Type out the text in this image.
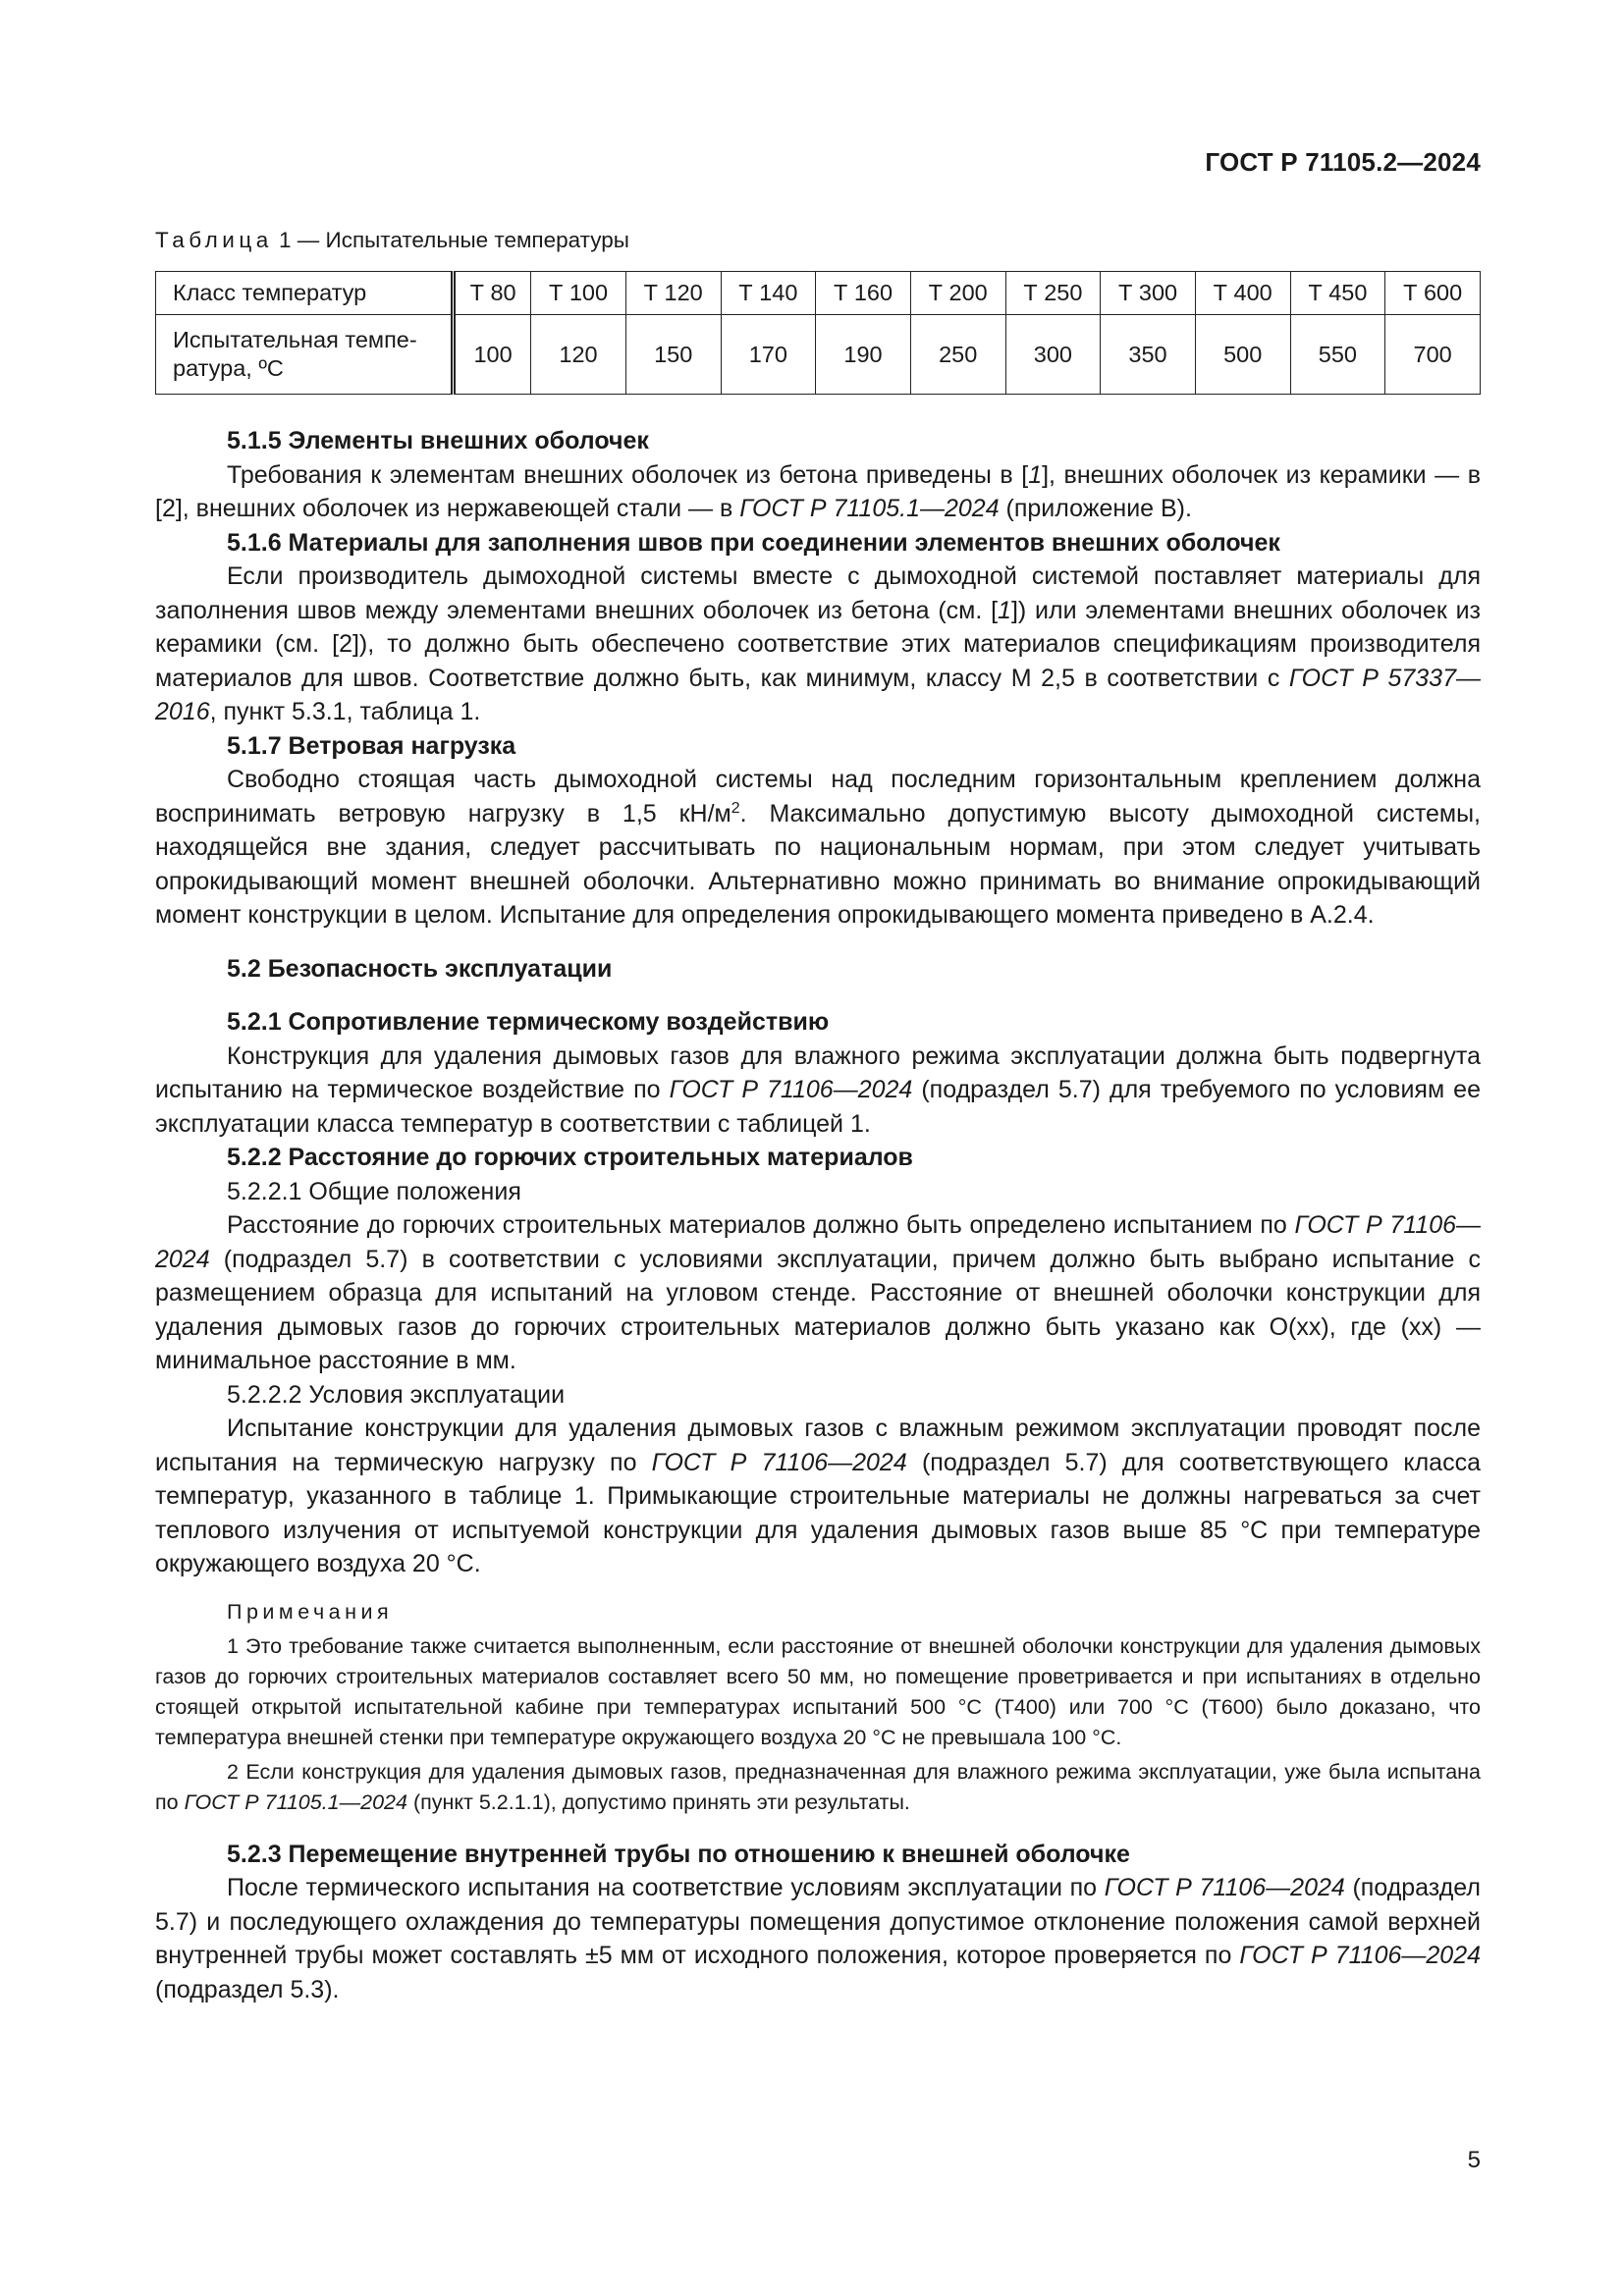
ГОСТ Р 71105.2—2024
Таблица 1 — Испытательные температуры
Класс температур	Т 80	Т 100	Т 120	Т 140	Т 160	Т 200	Т 250	Т 300	Т 400	Т 450	Т 600
Испытательная темпе-
ратура, ºС	100	120	150	170	190	250	300	350	500	550	700

5.1.5 Элементы внешних оболочек

Требования к элементам внешних оболочек из бетона приведены в [1], внешних оболочек из керамики — в [2], внешних оболочек из нержавеющей стали — в ГОСТ Р 71105.1—2024 (приложение В).

5.1.6 Материалы для заполнения швов при соединении элементов внешних оболочек

Если производитель дымоходной системы вместе с дымоходной системой поставляет материалы для заполнения швов между элементами внешних оболочек из бетона (см. [1]) или элементами внешних оболочек из керамики (см. [2]), то должно быть обеспечено соответствие этих материалов спецификациям производителя материалов для швов. Соответствие должно быть, как минимум, классу М 2,5 в соответствии с ГОСТ Р 57337—2016, пункт 5.3.1, таблица 1.

5.1.7 Ветровая нагрузка

Свободно стоящая часть дымоходной системы над последним горизонтальным креплением должна воспринимать ветровую нагрузку в 1,5 $кН/м^2$. Максимально допустимую высоту дымоходной системы, находящейся вне здания, следует рассчитывать по национальным нормам, при этом следует учитывать опрокидывающий момент внешней оболочки. Альтернативно можно принимать во внимание опрокидывающий момент конструкции в целом. Испытание для определения опрокидывающего момента приведено в А.2.4.

5.2 Безопасность эксплуатации

5.2.1 Сопротивление термическому воздействию

Конструкция для удаления дымовых газов для влажного режима эксплуатации должна быть подвергнута испытанию на термическое воздействие по ГОСТ Р 71106—2024 (подраздел 5.7) для требуемого по условиям ее эксплуатации класса температур в соответствии с таблицей 1.

5.2.2 Расстояние до горючих строительных материалов

5.2.2.1 Общие положения

Расстояние до горючих строительных материалов должно быть определено испытанием по ГОСТ Р 71106—2024 (подраздел 5.7) в соответствии с условиями эксплуатации, причем должно быть выбрано испытание с размещением образца для испытаний на угловом стенде. Расстояние от внешней оболочки конструкции для удаления дымовых газов до горючих строительных материалов должно быть указано как О(хх), где (хх) — минимальное расстояние в мм.

5.2.2.2 Условия эксплуатации

Испытание конструкции для удаления дымовых газов с влажным режимом эксплуатации проводят после испытания на термическую нагрузку по ГОСТ Р 71106—2024 (подраздел 5.7) для соответствующего класса температур, указанного в таблице 1. Примыкающие строительные материалы не должны нагреваться за счет теплового излучения от испытуемой конструкции для удаления дымовых газов выше 85 °С при температуре окружающего воздуха 20 °С.

Примечания

1 Это требование также считается выполненным, если расстояние от внешней оболочки конструкции для удаления дымовых газов до горючих строительных материалов составляет всего 50 мм, но помещение проветривается и при испытаниях в отдельно стоящей открытой испытательной кабине при температурах испытаний 500 °С (Т400) или 700 °С (Т600) было доказано, что температура внешней стенки при температуре окружающего воздуха 20 °С не превышала 100 °С.

2 Если конструкция для удаления дымовых газов, предназначенная для влажного режима эксплуатации, уже была испытана по ГОСТ Р 71105.1—2024 (пункт 5.2.1.1), допустимо принять эти результаты.

5.2.3 Перемещение внутренней трубы по отношению к внешней оболочке

После термического испытания на соответствие условиям эксплуатации по ГОСТ Р 71106—2024 (подраздел 5.7) и последующего охлаждения до температуры помещения допустимое отклонение положения самой верхней внутренней трубы может составлять ±5 мм от исходного положения, которое проверяется по ГОСТ Р 71106—2024 (подраздел 5.3).

5
